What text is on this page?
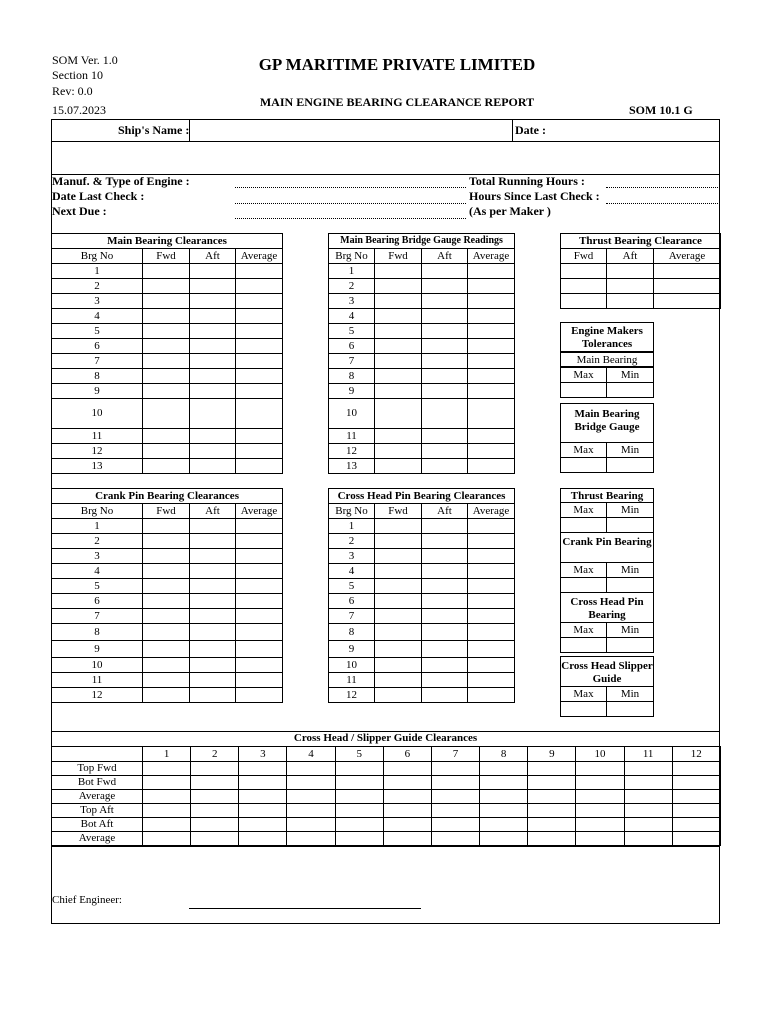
SOM Ver. 1.0
Section 10
Rev: 0.0
15.07.2023
GP MARITIME PRIVATE LIMITED
MAIN ENGINE BEARING CLEARANCE REPORT
SOM 10.1 G
Ship's Name :	Date :
Manuf. & Type of Engine :
Date Last Check :
Next Due :
Total Running Hours :
Hours Since Last Check :
(As per Maker )
Main Bearing Clearances			
Brg No	Fwd	Aft	Average
1			
2			
3			
4			
5			
6			
7			
8			
9			
10			
11			
12			
13			
Main Bearing Bridge Gauge Readings			
Brg No	Fwd	Aft	Average
1			
2			
3			
4			
5			
6			
7			
8			
9			
10			
11			
12			
13			
Thrust Bearing Clearance		
Fwd	Aft	Average

Engine Makers Tolerances
Main Bearing
Max	Min
Main Bearing Bridge Gauge
Max	Min
Crank Pin Bearing Clearances			
Brg No	Fwd	Aft	Average
1			
2			
3			
4			
5			
6			
7			
8			
9			
10			
11			
12			
Cross Head Pin Bearing Clearances			
Brg No	Fwd	Aft	Average
1			
2			
3			
4			
5			
6			
7			
8			
9			
10			
11			
12			
Thrust Bearing
Max	Min
Crank Pin Bearing
Max	Min
Cross Head Pin Bearing
Max	Min
Cross Head Slipper Guide
Max	Min
Cross Head / Slipper Guide Clearances
	1	2	3	4	5	6	7	8	9	10	11	12
Top Fwd												
Bot Fwd												
Average												
Top Aft												
Bot Aft												
Average												
Chief Engineer:
